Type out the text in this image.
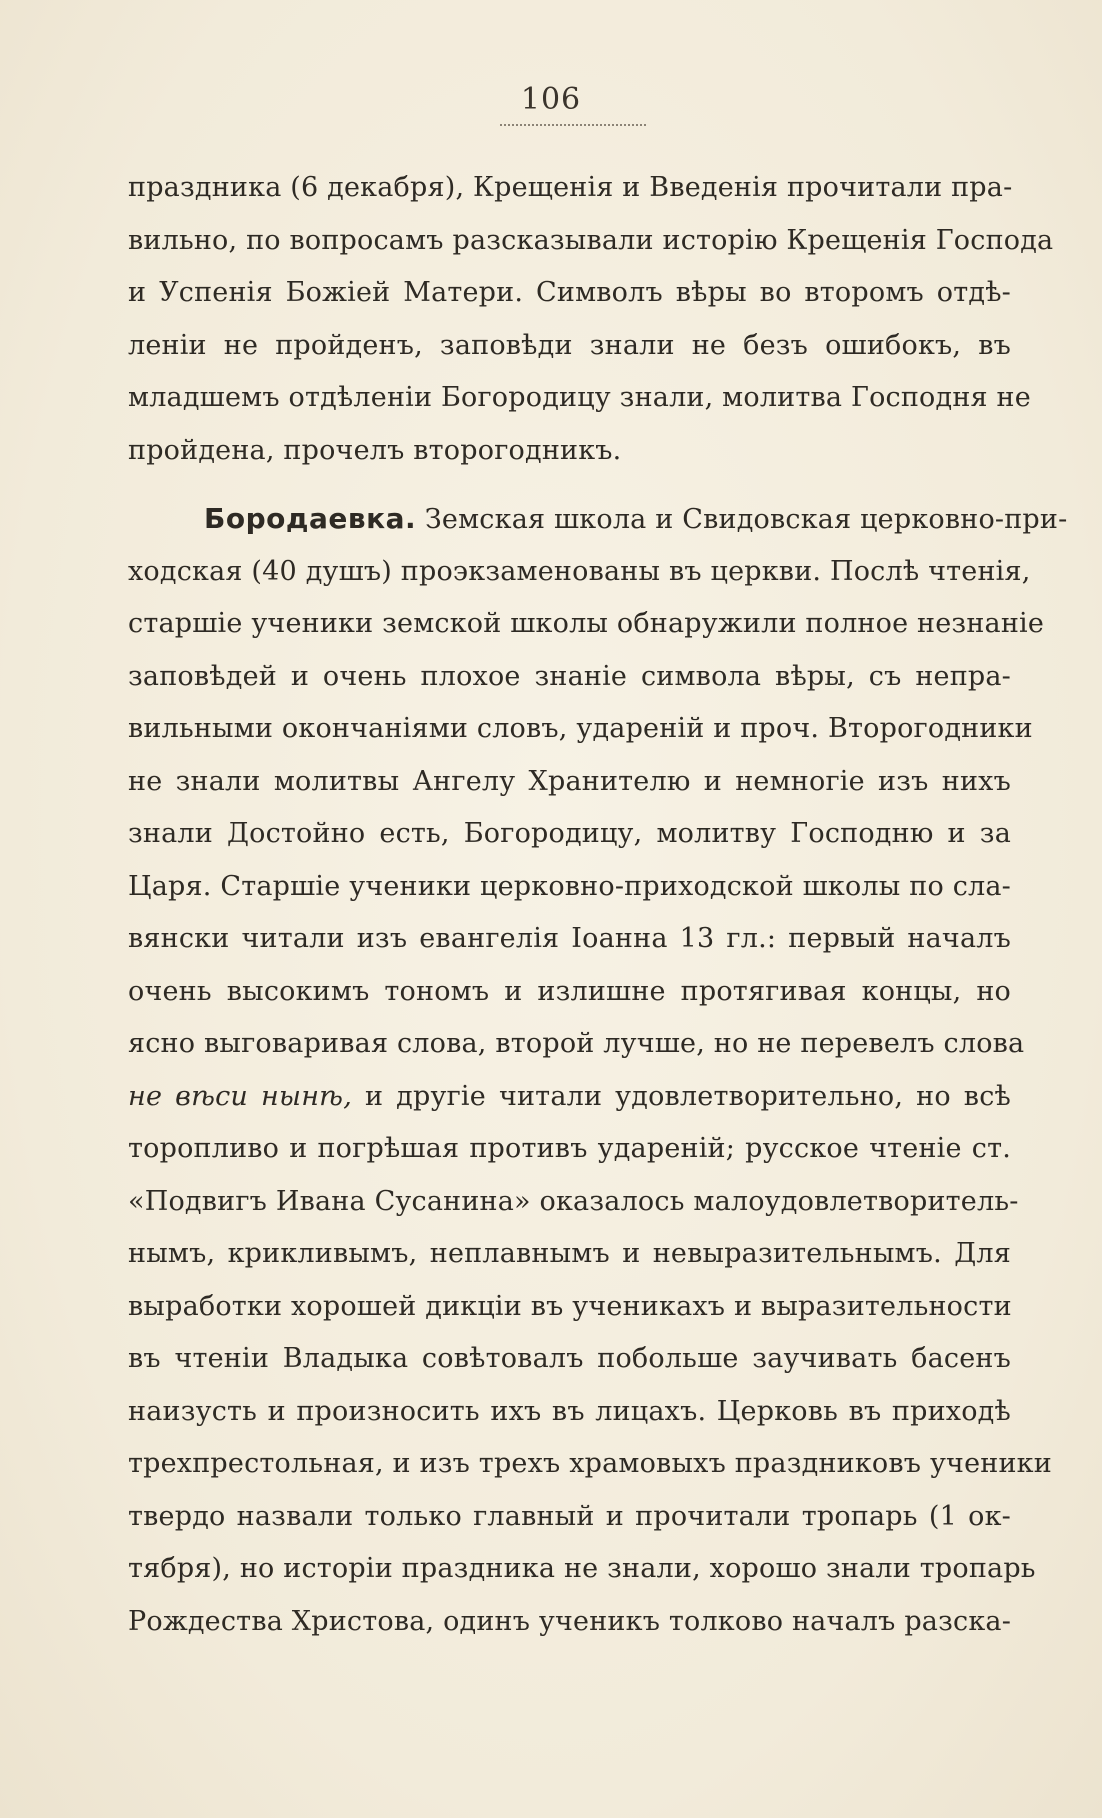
106
праздника (6 декабря), Крещенія и Введенія прочитали пра-
вильно, по вопросамъ разсказывали исторію Крещенія Господа
и Успенія Божіей Матери. Символъ вѣры во второмъ отдѣ-
леніи не пройденъ, заповѣди знали не безъ ошибокъ, въ
младшемъ отдѣленіи Богородицу знали, молитва Господня не
пройдена, прочелъ второгодникъ.
Бородаевка. Земская школа и Свидовская церковно-при-
ходская (40 душъ) проэкзаменованы въ церкви. Послѣ чтенія,
старшіе ученики земской школы обнаружили полное незнаніе
заповѣдей и очень плохое знаніе символа вѣры, съ непра-
вильными окончаніями словъ, удареній и проч. Второгодники
не знали молитвы Ангелу Хранителю и немногіе изъ нихъ
знали Достойно есть, Богородицу, молитву Господню и за
Царя. Старшіе ученики церковно-приходской школы по сла-
вянски читали изъ евангелія Іоанна 13 гл.: первый началъ
очень высокимъ тономъ и излишне протягивая концы, но
ясно выговаривая слова, второй лучше, но не перевелъ слова
не вѣси нынѣ, и другіе читали удовлетворительно, но всѣ
торопливо и погрѣшая противъ удареній; русское чтеніе ст.
«Подвигъ Ивана Сусанина» оказалось малоудовлетворитель-
нымъ, крикливымъ, неплавнымъ и невыразительнымъ. Для
выработки хорошей дикціи въ ученикахъ и выразительности
въ чтеніи Владыка совѣтовалъ побольше заучивать басенъ
наизусть и произносить ихъ въ лицахъ. Церковь въ приходѣ
трехпрестольная, и изъ трехъ храмовыхъ праздниковъ ученики
твердо назвали только главный и прочитали тропарь (1 ок-
тября), но исторіи праздника не знали, хорошо знали тропарь
Рождества Христова, одинъ ученикъ толково началъ разска-
